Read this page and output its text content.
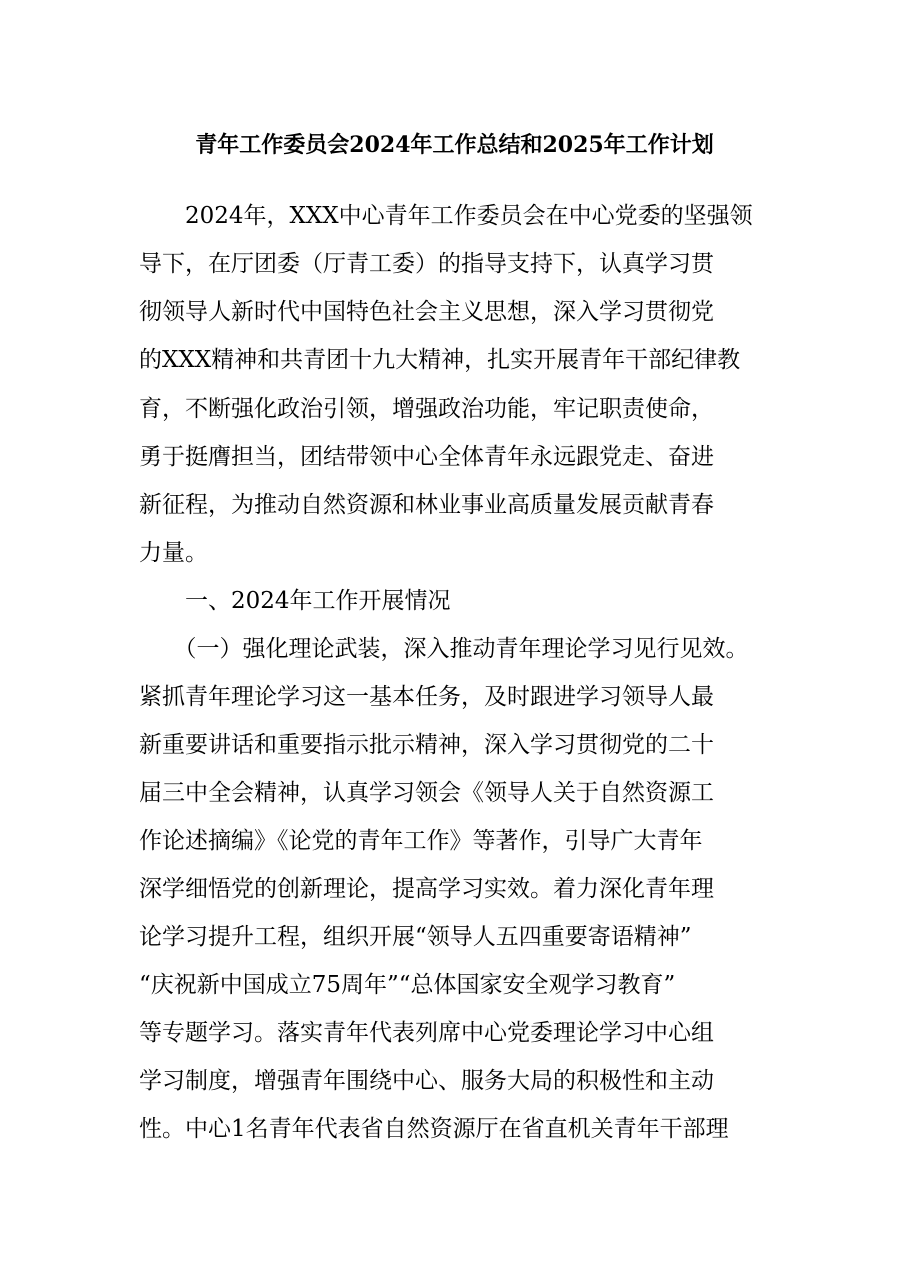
青年工作委员会2024年工作总结和2025年工作计划
　　2024年，XXX中心青年工作委员会在中心党委的坚强领
导下，在厅团委（厅青工委）的指导支持下，认真学习贯
彻领导人新时代中国特色社会主义思想，深入学习贯彻党
的XXX精神和共青团十九大精神，扎实开展青年干部纪律教
育，不断强化政治引领，增强政治功能，牢记职责使命，
勇于挺膺担当，团结带领中心全体青年永远跟党走、奋进
新征程，为推动自然资源和林业事业高质量发展贡献青春
力量。
　　一、2024年工作开展情况
　　（一）强化理论武装，深入推动青年理论学习见行见效。
紧抓青年理论学习这一基本任务，及时跟进学习领导人最
新重要讲话和重要指示批示精神，深入学习贯彻党的二十
届三中全会精神，认真学习领会《领导人关于自然资源工
作论述摘编》《论党的青年工作》等著作，引导广大青年
深学细悟党的创新理论，提高学习实效。着力深化青年理
论学习提升工程，组织开展“领导人五四重要寄语精神”
“庆祝新中国成立75周年”“总体国家安全观学习教育”
等专题学习。落实青年代表列席中心党委理论学习中心组
学习制度，增强青年围绕中心、服务大局的积极性和主动
性。中心1名青年代表省自然资源厅在省直机关青年干部理
